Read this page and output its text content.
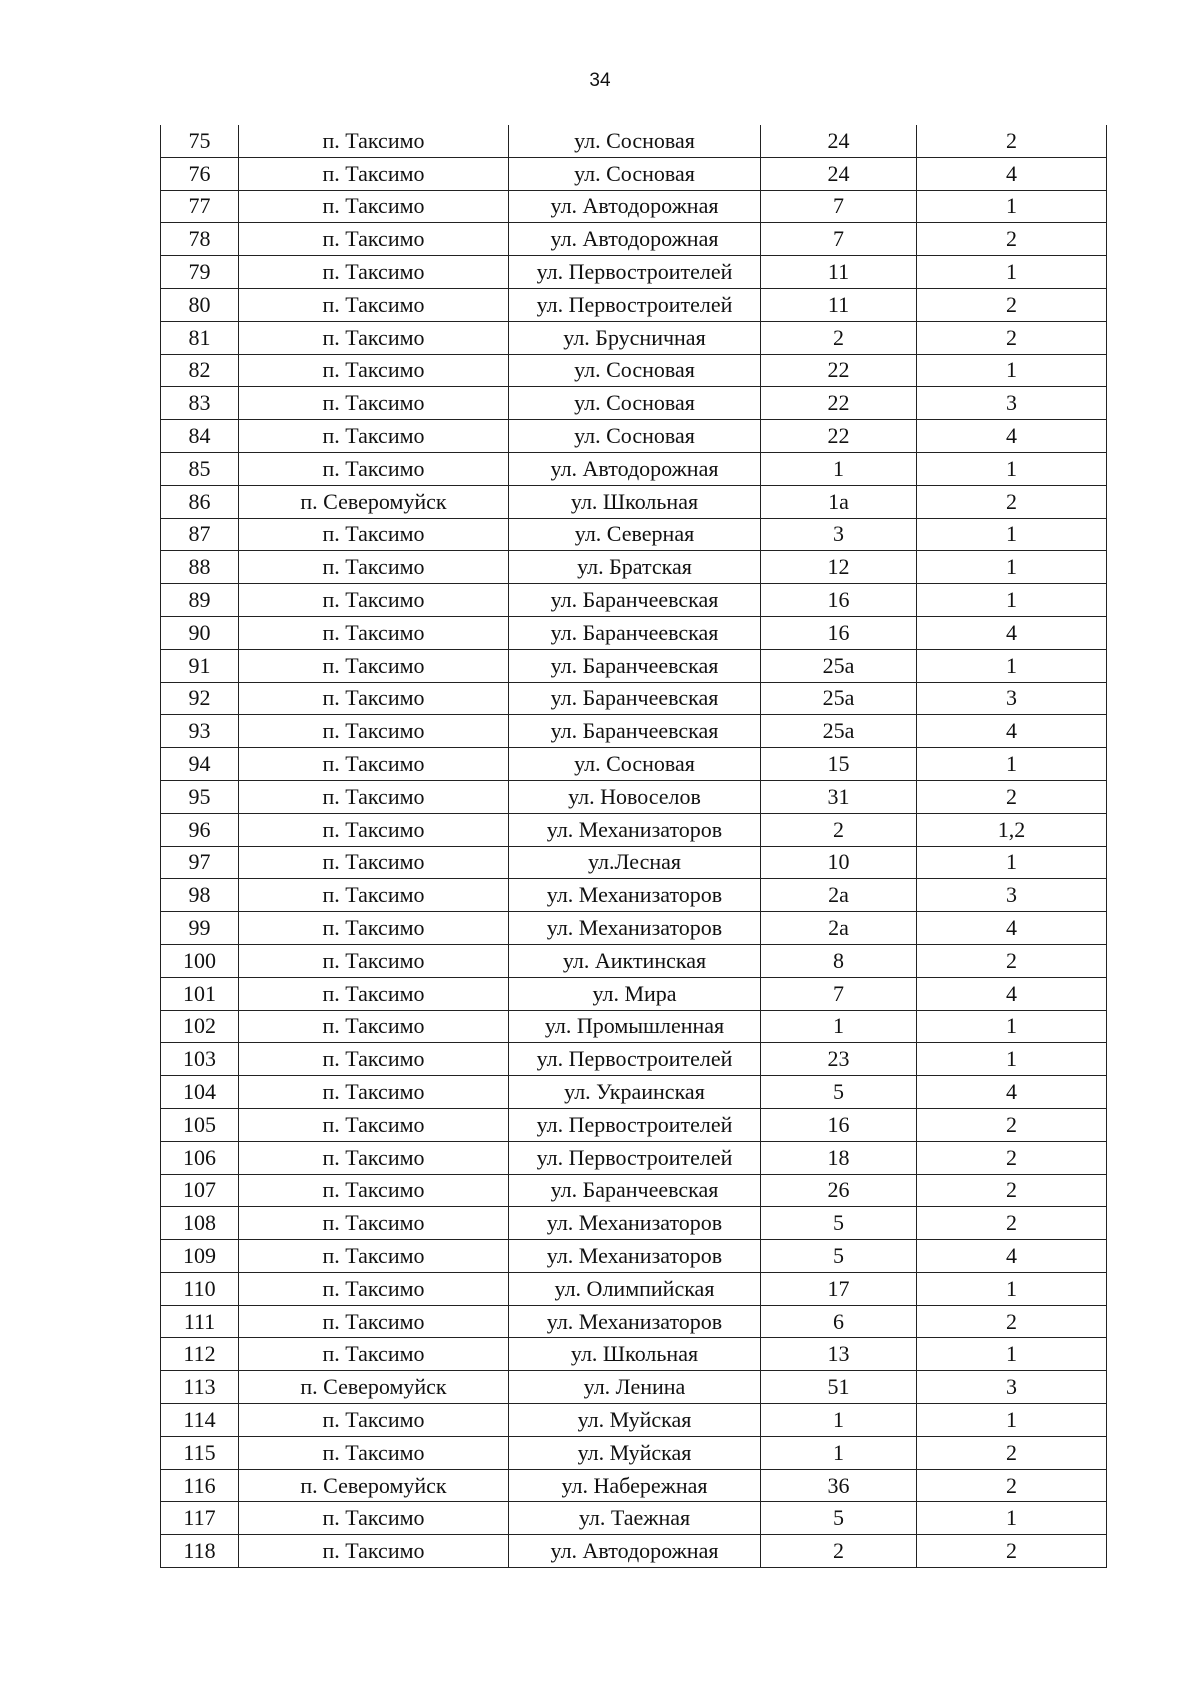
34
75	п. Таксимо	ул. Сосновая	24	2
76	п. Таксимо	ул. Сосновая	24	4
77	п. Таксимо	ул. Автодорожная	7	1
78	п. Таксимо	ул. Автодорожная	7	2
79	п. Таксимо	ул. Первостроителей	11	1
80	п. Таксимо	ул. Первостроителей	11	2
81	п. Таксимо	ул. Брусничная	2	2
82	п. Таксимо	ул. Сосновая	22	1
83	п. Таксимо	ул. Сосновая	22	3
84	п. Таксимо	ул. Сосновая	22	4
85	п. Таксимо	ул. Автодорожная	1	1
86	п. Северомуйск	ул. Школьная	1а	2
87	п. Таксимо	ул. Северная	3	1
88	п. Таксимо	ул. Братская	12	1
89	п. Таксимо	ул. Баранчеевская	16	1
90	п. Таксимо	ул. Баранчеевская	16	4
91	п. Таксимо	ул. Баранчеевская	25а	1
92	п. Таксимо	ул. Баранчеевская	25а	3
93	п. Таксимо	ул. Баранчеевская	25а	4
94	п. Таксимо	ул. Сосновая	15	1
95	п. Таксимо	ул. Новоселов	31	2
96	п. Таксимо	ул. Механизаторов	2	1,2
97	п. Таксимо	ул.Лесная	10	1
98	п. Таксимо	ул. Механизаторов	2а	3
99	п. Таксимо	ул. Механизаторов	2а	4
100	п. Таксимо	ул. Аиктинская	8	2
101	п. Таксимо	ул. Мира	7	4
102	п. Таксимо	ул. Промышленная	1	1
103	п. Таксимо	ул. Первостроителей	23	1
104	п. Таксимо	ул. Украинская	5	4
105	п. Таксимо	ул. Первостроителей	16	2
106	п. Таксимо	ул. Первостроителей	18	2
107	п. Таксимо	ул. Баранчеевская	26	2
108	п. Таксимо	ул. Механизаторов	5	2
109	п. Таксимо	ул. Механизаторов	5	4
110	п. Таксимо	ул. Олимпийская	17	1
111	п. Таксимо	ул. Механизаторов	6	2
112	п. Таксимо	ул. Школьная	13	1
113	п. Северомуйск	ул. Ленина	51	3
114	п. Таксимо	ул. Муйская	1	1
115	п. Таксимо	ул. Муйская	1	2
116	п. Северомуйск	ул. Набережная	36	2
117	п. Таксимо	ул. Таежная	5	1
118	п. Таксимо	ул. Автодорожная	2	2
